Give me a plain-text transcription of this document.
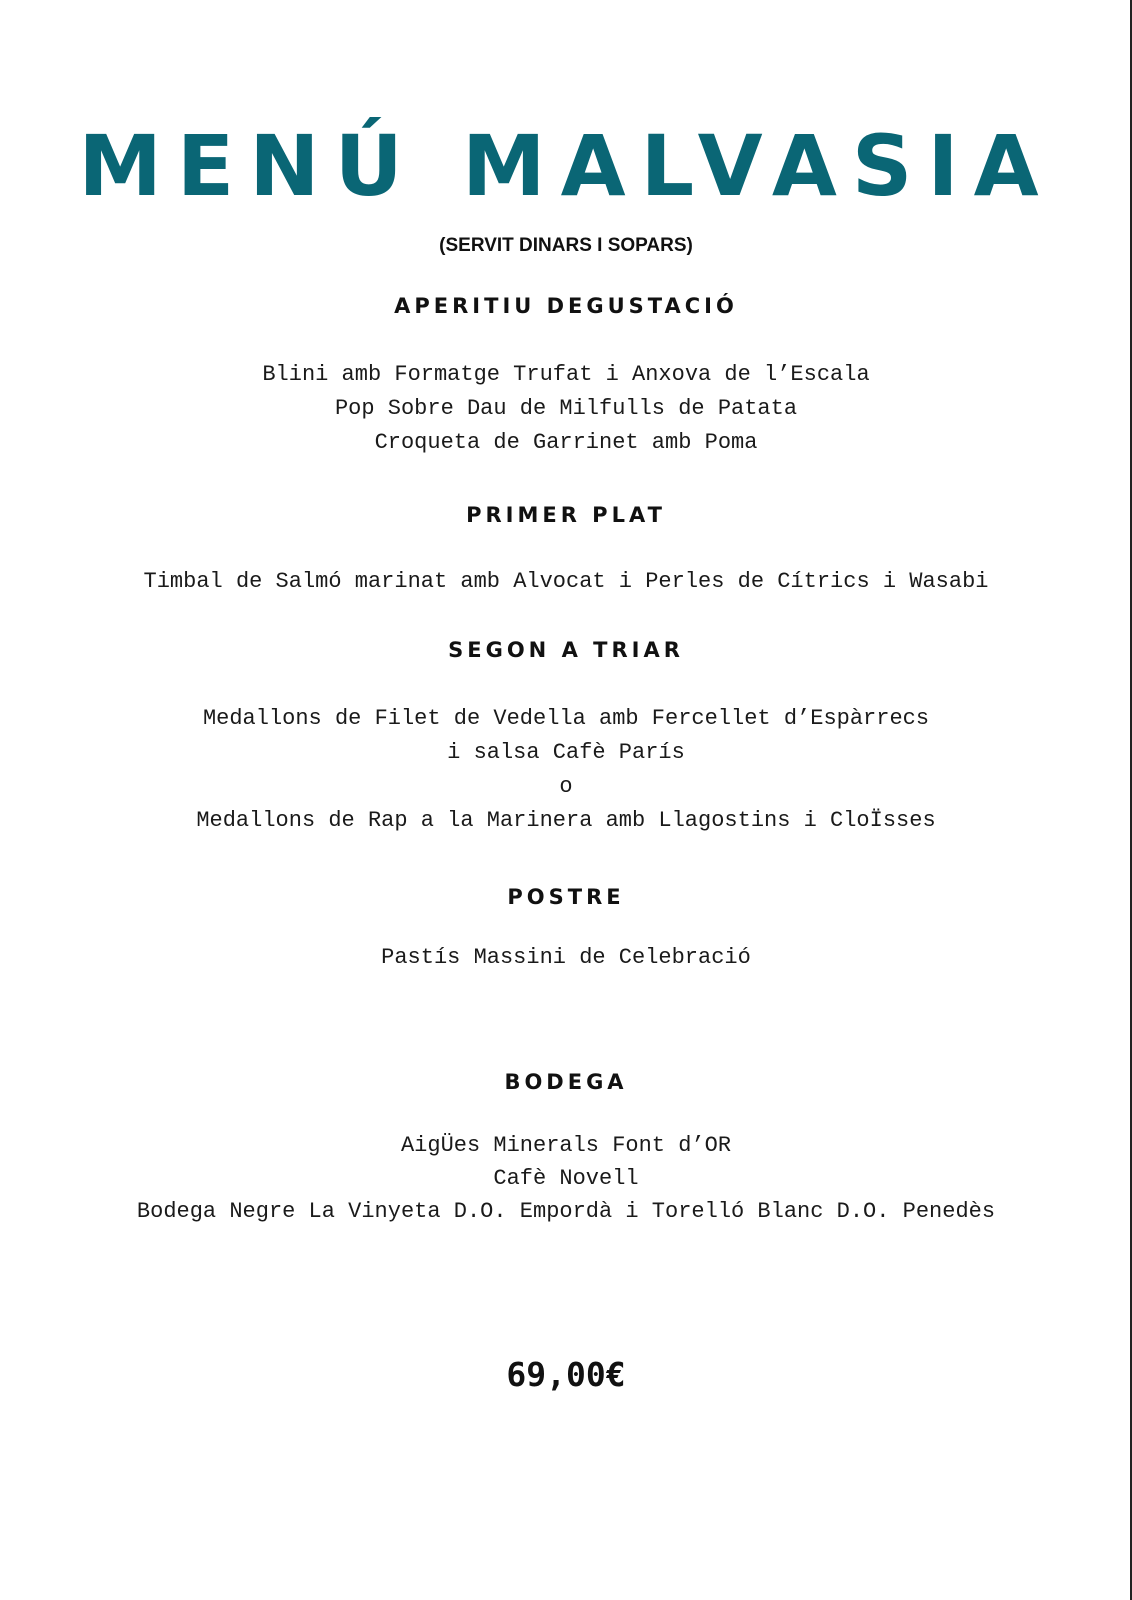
MENÚ MALVASIA
(SERVIT DINARS I SOPARS)
APERITIU DEGUSTACIÓ
Blini amb Formatge Trufat i Anxova de l’Escala
Pop Sobre Dau de Milfulls de Patata
Croqueta de Garrinet amb Poma
PRIMER PLAT
Timbal de Salmó marinat amb Alvocat i Perles de Cítrics i Wasabi
SEGON A TRIAR
Medallons de Filet de Vedella amb Fercellet d’Espàrrecs
i salsa Cafè París
o
Medallons de Rap a la Marinera amb Llagostins i CloÏsses
POSTRE
Pastís Massini de Celebració
BODEGA
AigÜes Minerals Font d’OR
Cafè Novell
Bodega Negre La Vinyeta D.O. Empordà i Torelló Blanc D.O. Penedès
69,00€
